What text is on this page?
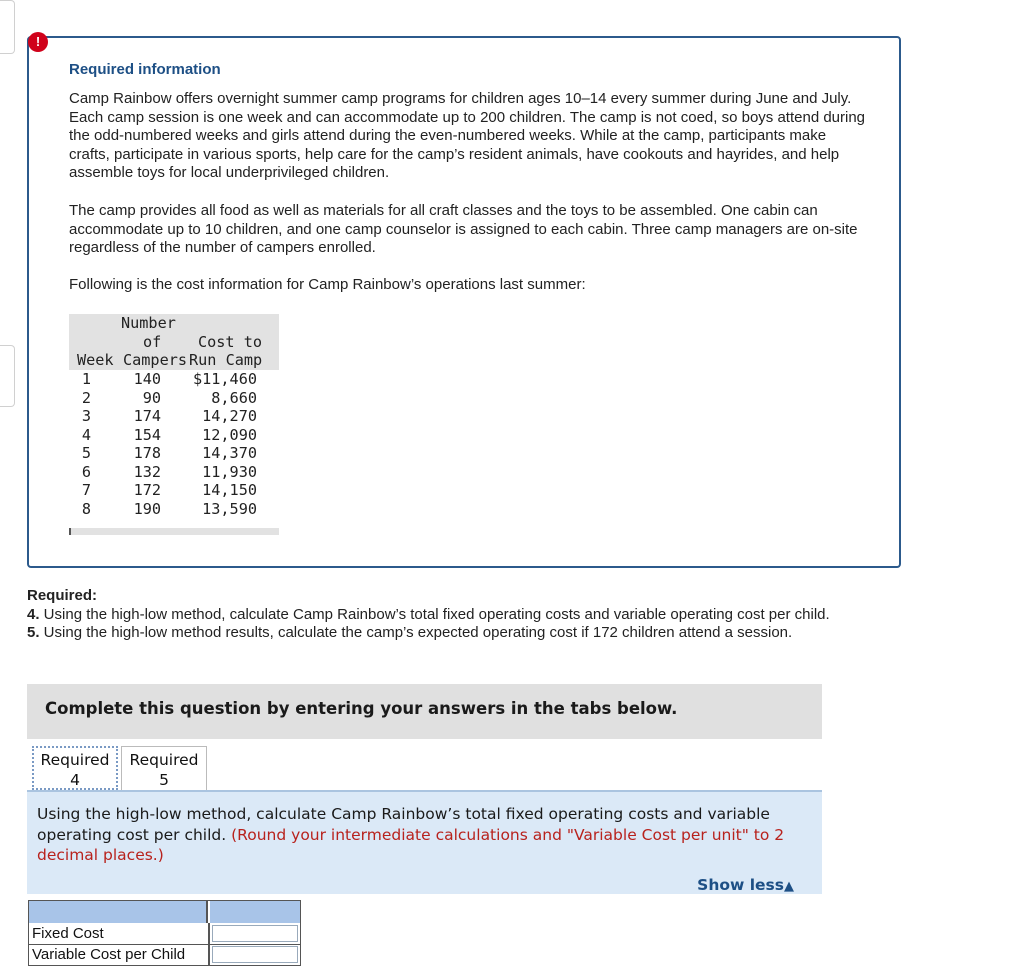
Required information

Camp Rainbow offers overnight summer camp programs for children ages 10–14 every summer during June and July. Each camp session is one week and can accommodate up to 200 children. The camp is not coed, so boys attend during the odd-numbered weeks and girls attend during the even-numbered weeks. While at the camp, participants make crafts, participate in various sports, help care for the camp’s resident animals, have cookouts and hayrides, and help assemble toys for local underprivileged children.

The camp provides all food as well as materials for all craft classes and the toys to be assembled. One cabin can accommodate up to 10 children, and one camp counselor is assigned to each cabin. Three camp managers are on-site regardless of the number of campers enrolled.

Following is the cost information for Camp Rainbow’s operations last summer:

Number
of Cost to
Week Campers Run Camp
1	140 $11,460
2	90	8,660
3	174	14,270
4	154	12,090
5	178	14,370
6	132	11,930
7	172	14,150
8	190	13,590
!

Required:

4. Using the high-low method, calculate Camp Rainbow’s total fixed operating costs and variable operating cost per child.

5. Using the high-low method results, calculate the camp’s expected operating cost if 172 children attend a session.

Complete this question by entering your answers in the tabs below.
Required
4
Required
5

Using the high-low method, calculate Camp Rainbow’s total fixed operating costs and variable operating cost per child. (Round your intermediate calculations and "Variable Cost per unit" to 2 decimal places.)

Show less▲
Fixed Cost
Variable Cost per Child
